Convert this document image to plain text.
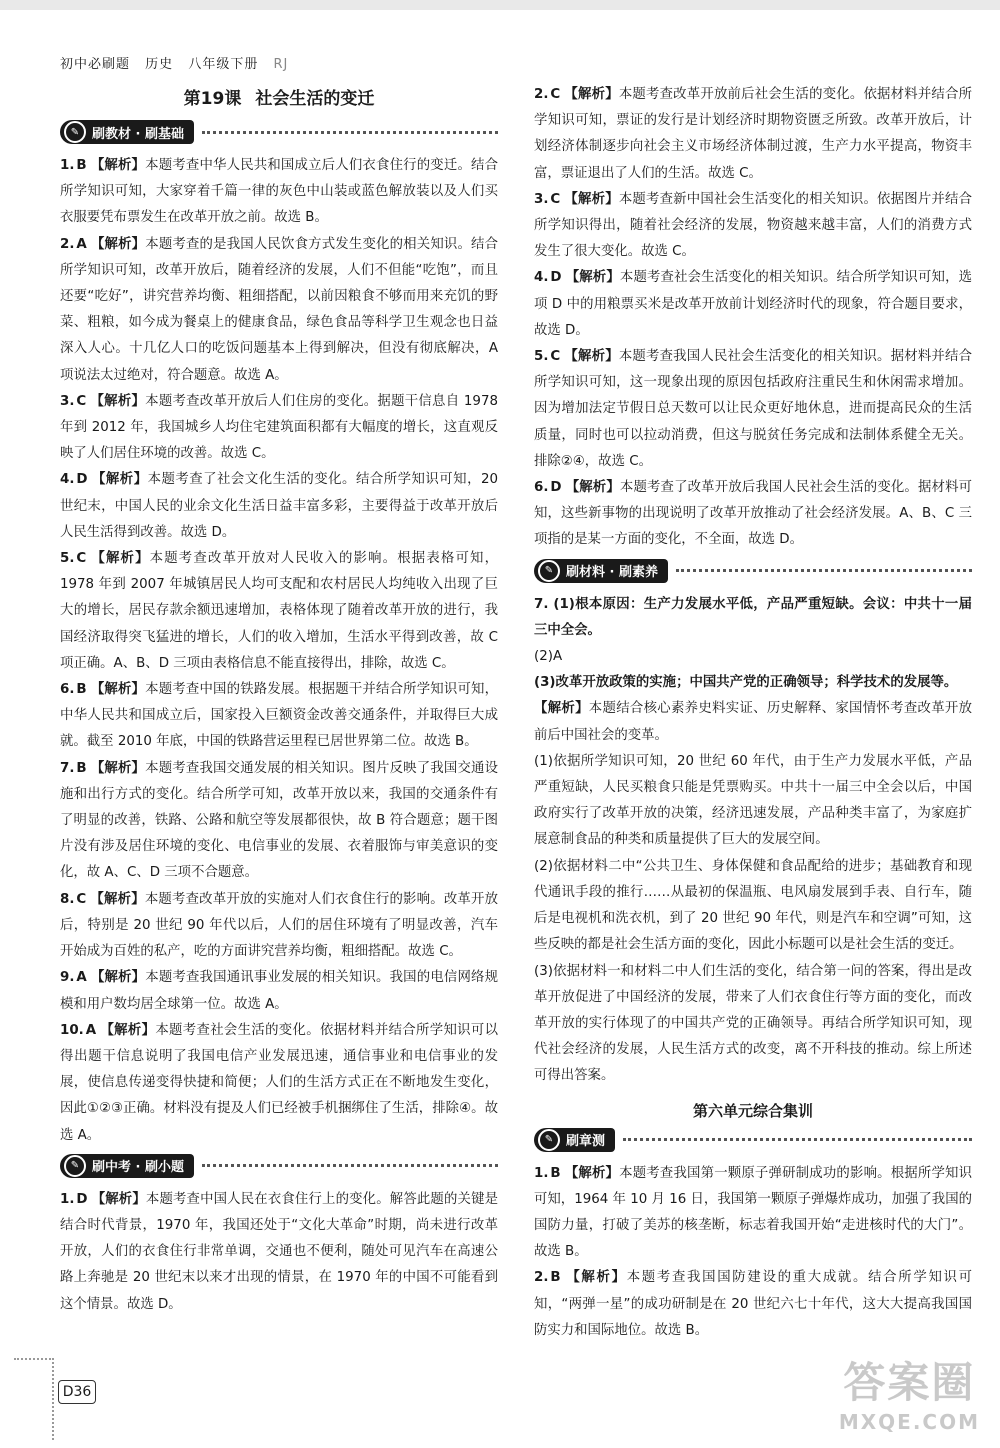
初中必刷题 历史 八年级下册 RJ
第19课 社会生活的变迁
✎ 刷教材 · 刷基础

1. B 【解析】本题考查中华人民共和国成立后人们衣食住行的变迁。结合所学知识可知，大家穿着千篇一律的灰色中山装或蓝色解放装以及人们买衣服要凭布票发生在改革开放之前。故选 B。

2. A 【解析】本题考查的是我国人民饮食方式发生变化的相关知识。结合所学知识可知，改革开放后，随着经济的发展，人们不但能“吃饱”，而且还要“吃好”，讲究营养均衡、粗细搭配，以前因粮食不够而用来充饥的野菜、粗粮，如今成为餐桌上的健康食品，绿色食品等科学卫生观念也日益深入人心。十几亿人口的吃饭问题基本上得到解决，但没有彻底解决，A 项说法太过绝对，符合题意。故选 A。

3. C 【解析】本题考查改革开放后人们住房的变化。据题干信息自 1978 年到 2012 年，我国城乡人均住宅建筑面积都有大幅度的增长，这直观反映了人们居住环境的改善。故选 C。

4. D 【解析】本题考查了社会文化生活的变化。结合所学知识可知，20 世纪末，中国人民的业余文化生活日益丰富多彩，主要得益于改革开放后人民生活得到改善。故选 D。

5. C 【解析】本题考查改革开放对人民收入的影响。根据表格可知，1978 年到 2007 年城镇居民人均可支配和农村居民人均纯收入出现了巨大的增长，居民存款余额迅速增加，表格体现了随着改革开放的进行，我国经济取得突飞猛进的增长，人们的收入增加，生活水平得到改善，故 C 项正确。A、B、D 三项由表格信息不能直接得出，排除，故选 C。

6. B 【解析】本题考查中国的铁路发展。根据题干并结合所学知识可知，中华人民共和国成立后，国家投入巨额资金改善交通条件，并取得巨大成就。截至 2010 年底，中国的铁路营运里程已居世界第二位。故选 B。

7. B 【解析】本题考查我国交通发展的相关知识。图片反映了我国交通设施和出行方式的变化。结合所学可知，改革开放以来，我国的交通条件有了明显的改善，铁路、公路和航空等发展都很快，故 B 符合题意；题干图片没有涉及居住环境的变化、电信事业的发展、衣着服饰与审美意识的变化，故 A、C、D 三项不合题意。

8. C 【解析】本题考查改革开放的实施对人们衣食住行的影响。改革开放后，特别是 20 世纪 90 年代以后，人们的居住环境有了明显改善，汽车开始成为百姓的私产，吃的方面讲究营养均衡，粗细搭配。故选 C。

9. A 【解析】本题考查我国通讯事业发展的相关知识。我国的电信网络规模和用户数均居全球第一位。故选 A。

10. A 【解析】本题考查社会生活的变化。依据材料并结合所学知识可以得出题干信息说明了我国电信产业发展迅速，通信事业和电信事业的发展，使信息传递变得快捷和简便；人们的生活方式正在不断地发生变化，因此①②③正确。材料没有提及人们已经被手机捆绑住了生活，排除④。故选 A。

✎ 刷中考 · 刷小题

1. D 【解析】本题考查中国人民在衣食住行上的变化。解答此题的关键是结合时代背景，1970 年，我国还处于“文化大革命”时期，尚未进行改革开放，人们的衣食住行非常单调，交通也不便利，随处可见汽车在高速公路上奔驰是 20 世纪末以来才出现的情景，在 1970 年的中国不可能看到这个情景。故选 D。

2. C 【解析】本题考查改革开放前后社会生活的变化。依据材料并结合所学知识可知，票证的发行是计划经济时期物资匮乏所致。改革开放后，计划经济体制逐步向社会主义市场经济体制过渡，生产力水平提高，物资丰富，票证退出了人们的生活。故选 C。

3. C 【解析】本题考查新中国社会生活变化的相关知识。依据图片并结合所学知识得出，随着社会经济的发展，物资越来越丰富，人们的消费方式发生了很大变化。故选 C。

4. D 【解析】本题考查社会生活变化的相关知识。结合所学知识可知，选项 D 中的用粮票买米是改革开放前计划经济时代的现象，符合题目要求，故选 D。

5. C 【解析】本题考查我国人民社会生活变化的相关知识。据材料并结合所学知识可知，这一现象出现的原因包括政府注重民生和休闲需求增加。因为增加法定节假日总天数可以让民众更好地休息，进而提高民众的生活质量，同时也可以拉动消费，但这与脱贫任务完成和法制体系健全无关。排除②④，故选 C。

6. D 【解析】本题考查了改革开放后我国人民社会生活的变化。据材料可知，这些新事物的出现说明了改革开放推动了社会经济发展。A、B、C 三项指的是某一方面的变化，不全面，故选 D。

✎ 刷材料 · 刷素养

7. (1)根本原因：生产力发展水平低，产品严重短缺。会议：中共十一届三中全会。

(2)A

(3)改革开放政策的实施；中国共产党的正确领导；科学技术的发展等。

【解析】本题结合核心素养史料实证、历史解释、家国情怀考查改革开放前后中国社会的变革。

(1)依据所学知识可知，20 世纪 60 年代，由于生产力发展水平低，产品严重短缺，人民买粮食只能是凭票购买。中共十一届三中全会以后，中国政府实行了改革开放的决策，经济迅速发展，产品种类丰富了，为家庭扩展意制食品的种类和质量提供了巨大的发展空间。

(2)依据材料二中“公共卫生、身体保健和食品配给的进步；基础教育和现代通讯手段的推行……从最初的保温瓶、电风扇发展到手表、自行车，随后是电视机和洗衣机，到了 20 世纪 90 年代，则是汽车和空调”可知，这些反映的都是社会生活方面的变化，因此小标题可以是社会生活的变迁。

(3)依据材料一和材料二中人们生活的变化，结合第一问的答案，得出是改革开放促进了中国经济的发展，带来了人们衣食住行等方面的变化，而改革开放的实行体现了的中国共产党的正确领导。再结合所学知识可知，现代社会经济的发展，人民生活方式的改变，离不开科技的推动。综上所述可得出答案。

第六单元综合集训
✎ 刷章测

1. B 【解析】本题考查我国第一颗原子弹研制成功的影响。根据所学知识可知，1964 年 10 月 16 日，我国第一颗原子弹爆炸成功，加强了我国的国防力量，打破了美苏的核垄断，标志着我国开始“走进核时代的大门”。故选 B。

2. B 【解析】本题考查我国国防建设的重大成就。结合所学知识可知，“两弹一星”的成功研制是在 20 世纪六七十年代，这大大提高我国国防实力和国际地位。故选 B。

D36	答案圈
MXQE.COM
